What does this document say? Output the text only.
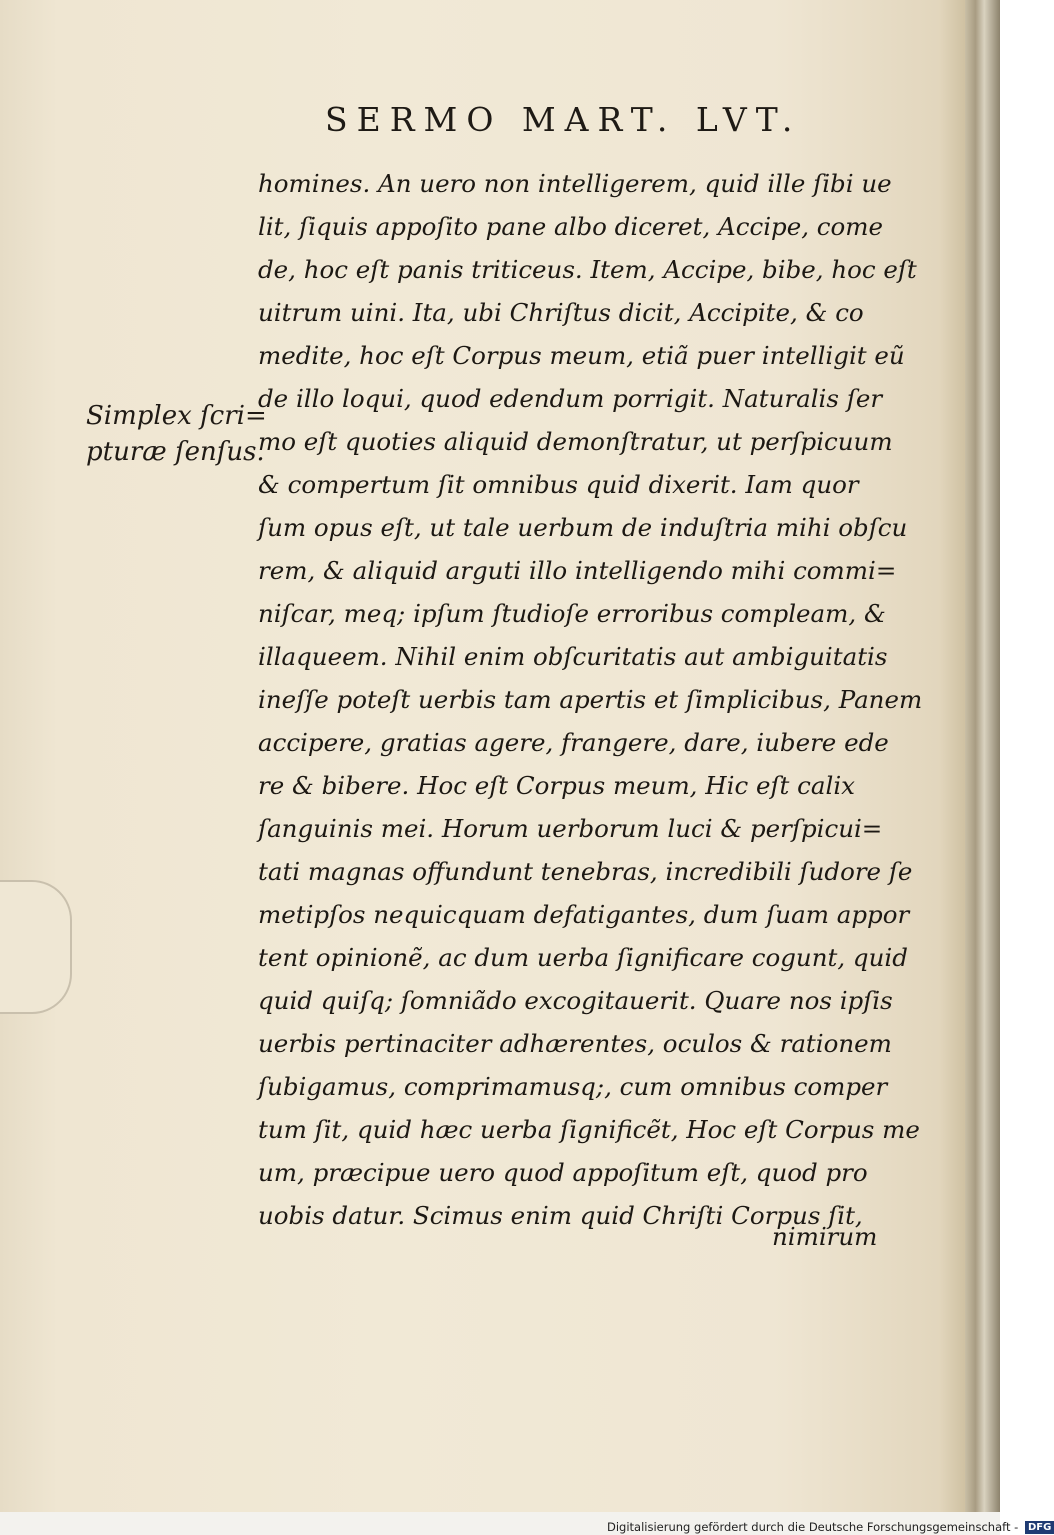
SERMO MART. LVT.
Simplex ſcri=
pturæ ſenſus.
homines. An uero non intelligerem, quid ille ſibi ue
lit, ſiquis appoſito pane albo diceret, Accipe, come
de, hoc eſt panis triticeus. Item, Accipe, bibe, hoc eſt
uitrum uini. Ita, ubi Chriſtus dicit, Accipite, & co
medite, hoc eſt Corpus meum, etiã puer intelligit eũ
de illo loqui, quod edendum porrigit. Naturalis ſer
mo eſt quoties aliquid demonſtratur, ut perſpicuum
& compertum ſit omnibus quid dixerit. Iam quor
ſum opus eſt, ut tale uerbum de induſtria mihi obſcu
rem, & aliquid arguti illo intelligendo mihi commi=
niſcar, meq; ipſum ſtudioſe erroribus compleam, &
illaqueem. Nihil enim obſcuritatis aut ambiguitatis
ineſſe poteſt uerbis tam apertis et ſimplicibus, Panem
accipere, gratias agere, frangere, dare, iubere ede
re & bibere. Hoc eſt Corpus meum, Hic eſt calix
ſanguinis mei. Horum uerborum luci & perſpicui=
tati magnas offundunt tenebras, incredibili ſudore ſe
metipſos nequicquam defatigantes, dum ſuam appor
tent opinionẽ, ac dum uerba ſignificare cogunt, quid
quid quiſq; ſomniãdo excogitauerit. Quare nos ipſis
uerbis pertinaciter adhærentes, oculos & rationem
ſubigamus, comprimamusq;, cum omnibus comper
tum ſit, quid hæc uerba ſignificẽt, Hoc eſt Corpus me
um, præcipue uero quod appoſitum eſt, quod pro
uobis datur. Scimus enim quid Chriſti Corpus ſit,
nimirum
Digitalisierung gefördert durch die Deutsche Forschungsgemeinschaft - DFG
